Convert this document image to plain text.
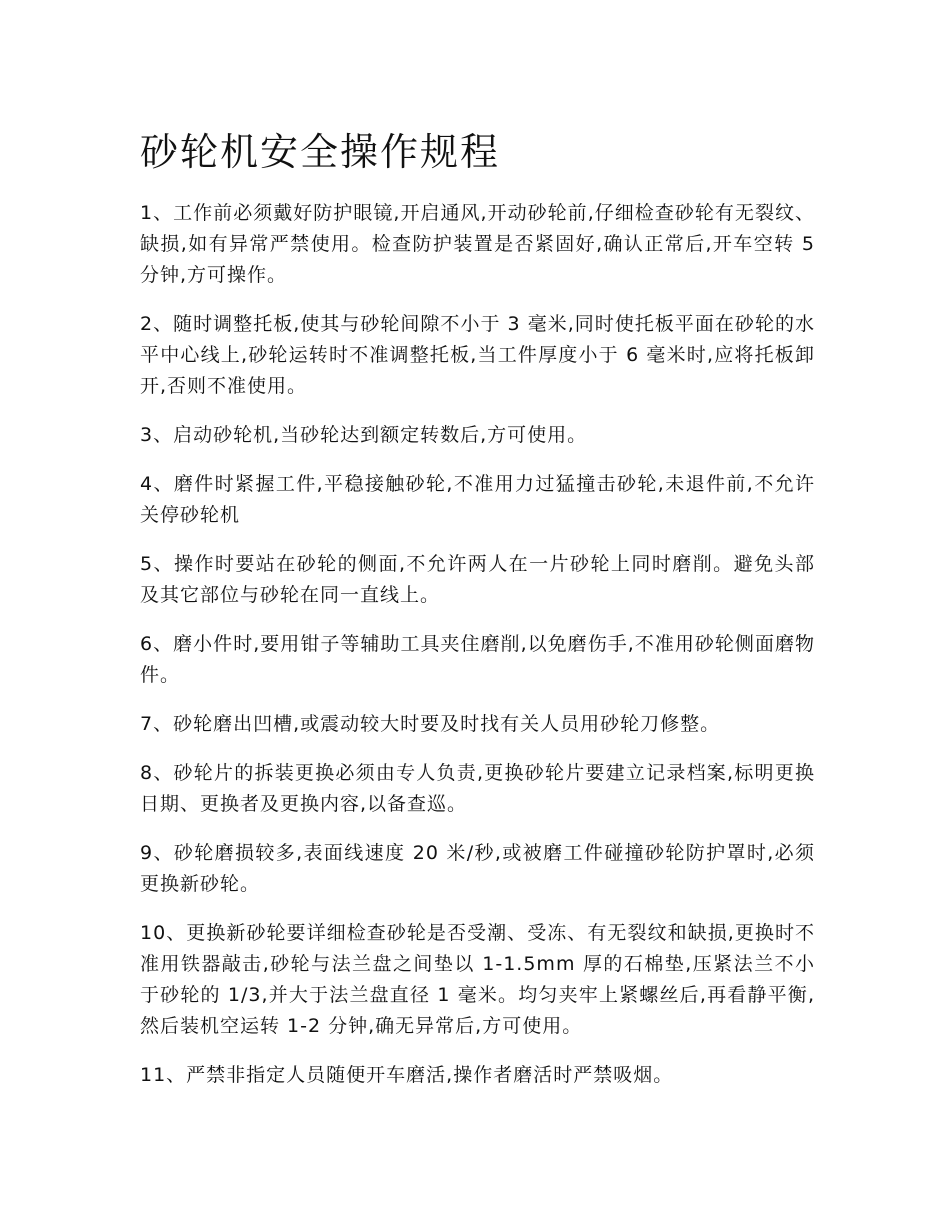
砂轮机安全操作规程

1、工作前必须戴好防护眼镜,开启通风,开动砂轮前,仔细检查砂轮有无裂纹、缺损,如有异常严禁使用。检查防护装置是否紧固好,确认正常后,开车空转 5 分钟,方可操作。

2、随时调整托板,使其与砂轮间隙不小于 3 毫米,同时使托板平面在砂轮的水平中心线上,砂轮运转时不准调整托板,当工件厚度小于 6 毫米时,应将托板卸开,否则不准使用。

3、启动砂轮机,当砂轮达到额定转数后,方可使用。

4、磨件时紧握工件,平稳接触砂轮,不准用力过猛撞击砂轮,未退件前,不允许关停砂轮机

5、操作时要站在砂轮的侧面,不允许两人在一片砂轮上同时磨削。避免头部及其它部位与砂轮在同一直线上。

6、磨小件时,要用钳子等辅助工具夹住磨削,以免磨伤手,不准用砂轮侧面磨物件。

7、砂轮磨出凹槽,或震动较大时要及时找有关人员用砂轮刀修整。

8、砂轮片的拆装更换必须由专人负责,更换砂轮片要建立记录档案,标明更换日期、更换者及更换内容,以备查巡。

9、砂轮磨损较多,表面线速度 20 米/秒,或被磨工件碰撞砂轮防护罩时,必须更换新砂轮。

10、更换新砂轮要详细检查砂轮是否受潮、受冻、有无裂纹和缺损,更换时不准用铁器敲击,砂轮与法兰盘之间垫以 1-1.5mm 厚的石棉垫,压紧法兰不小于砂轮的 1/3,并大于法兰盘直径 1 毫米。均匀夹牢上紧螺丝后,再看静平衡,然后装机空运转 1-2 分钟,确无异常后,方可使用。

11、严禁非指定人员随便开车磨活,操作者磨活时严禁吸烟。
